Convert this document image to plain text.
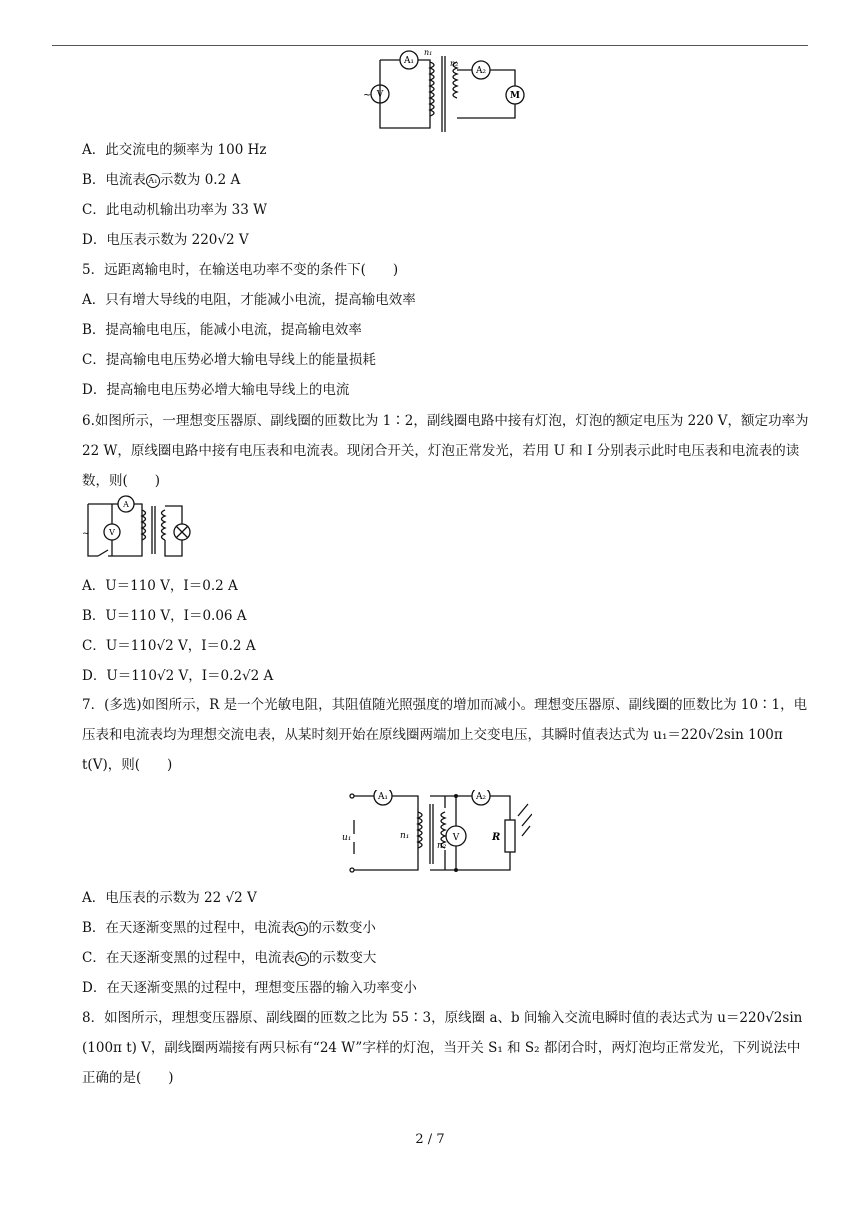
A₁
V
A₂
M
n₁
n₂
~
A．此交流电的频率为 100 Hz
B．电流表 A₁ 示数为 0.2 A
C．此电动机输出功率为 33 W
D．电压表示数为 220√2 V
5．远距离输电时，在输送电功率不变的条件下(　　)
A．只有增大导线的电阻，才能减小电流，提高输电效率
B．提高输电电压，能减小电流，提高输电效率
C．提高输电电压势必增大输电导线上的能量损耗
D．提高输电电压势必增大输电导线上的电流
6.如图所示，一理想变压器原、副线圈的匝数比为 1∶2，副线圈电路中接有灯泡，灯泡的额定电压为 220 V，额定功率为 22 W，原线圈电路中接有电压表和电流表。现闭合开关，灯泡正常发光，若用 U 和 I 分别表示此时电压表和电流表的读数，则(　　)
A
V
~
A．U＝110 V，I＝0.2 A
B．U＝110 V，I＝0.06 A
C．U＝110√2 V，I＝0.2 A
D．U＝110√2 V，I＝0.2√2 A
7．(多选)如图所示，R 是一个光敏电阻，其阻值随光照强度的增加而减小。理想变压器原、副线圈的匝数比为 10∶1，电压表和电流表均为理想交流电表，从某时刻开始在原线圈两端加上交变电压，其瞬时值表达式为 u₁＝220√2sin 100π t(V)，则(　　)
A₁	A₂
V
u₁	n₁
n₂
R
A．电压表的示数为 22 √2 V
B．在天逐渐变黑的过程中，电流表 A₁ 的示数变小
C．在天逐渐变黑的过程中，电流表 A₂ 的示数变大
D．在天逐渐变黑的过程中，理想变压器的输入功率变小
8．如图所示，理想变压器原、副线圈的匝数之比为 55∶3，原线圈 a、b 间输入交流电瞬时值的表达式为 u＝220√2sin (100π t) V，副线圈两端接有两只标有“24 W”字样的灯泡，当开关 S₁ 和 S₂ 都闭合时，两灯泡均正常发光，下列说法中正确的是(　　)
2 / 7
